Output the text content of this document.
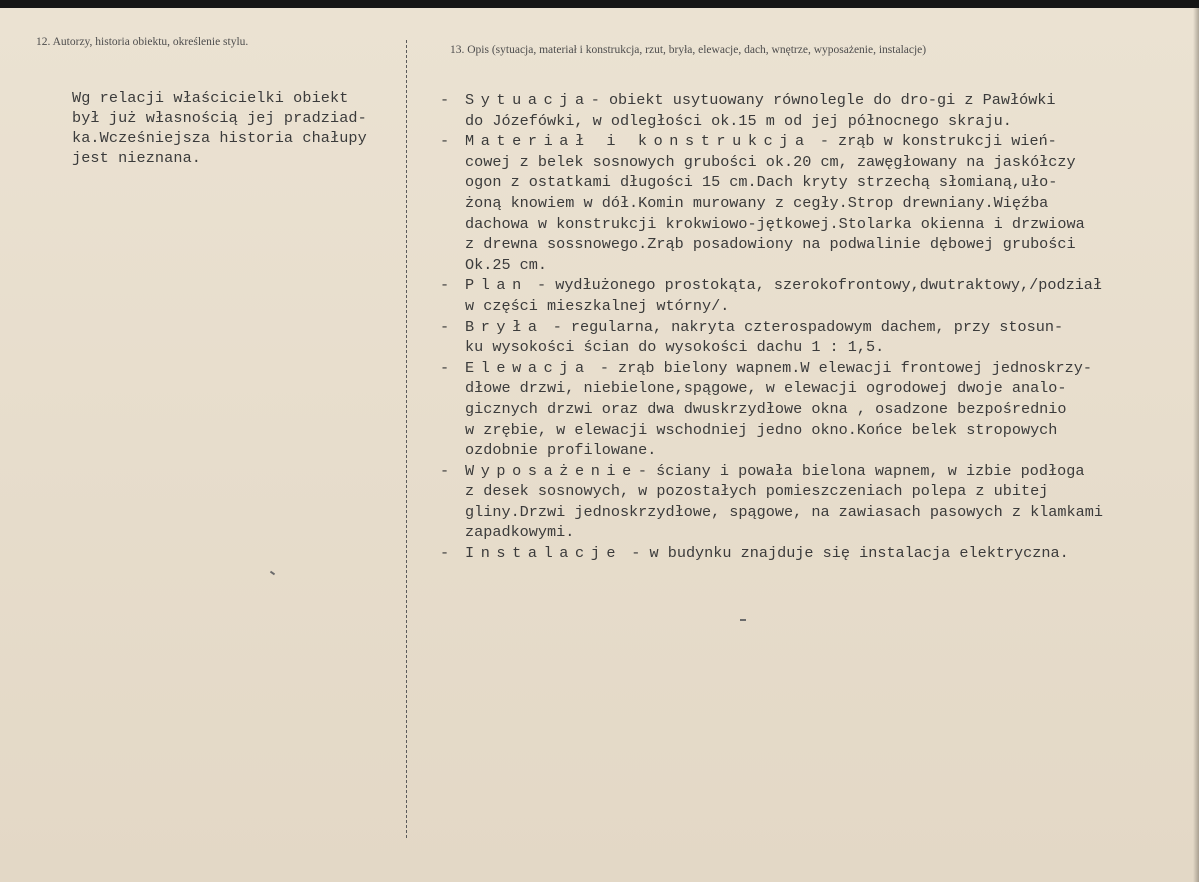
12. Autorzy, historia obiektu, określenie stylu.
13. Opis (sytuacja, materiał i konstrukcja, rzut, bryła, elewacje, dach, wnętrze, wyposażenie, instalacje)
Wg relacji właścicielki obiekt
był już własnością jej pradziad-
ka.Wcześniejsza historia chałupy
jest nieznana.
-	Sytuacja- obiekt usytuowany równolegle do dro-gi z Pawłówki
do Józefówki, w odległości ok.15 m od jej północnego skraju.
-	Materiał i konstrukcja - zrąb w konstrukcji wień-
cowej z belek sosnowych grubości ok.20 cm, zawęgłowany na jaskółczy
ogon z ostatkami długości 15 cm.Dach kryty strzechą słomianą,uło-
żoną knowiem w dół.Komin murowany z cegły.Strop drewniany.Więźba
dachowa w konstrukcji krokwiowo-jętkowej.Stolarka okienna i drzwiowa
z drewna sossnowego.Zrąb posadowiony na podwalinie dębowej grubości
Ok.25 cm.
-	Plan - wydłużonego prostokąta, szerokofrontowy,dwutraktowy,/podział
w części mieszkalnej wtórny/.
-	Bryła - regularna, nakryta czterospadowym dachem, przy stosun-
ku wysokości ścian do wysokości dachu 1 : 1,5.
-	Elewacja - zrąb bielony wapnem.W elewacji frontowej jednoskrzy-
dłowe drzwi, niebielone,spągowe, w elewacji ogrodowej dwoje analo-
gicznych drzwi oraz dwa dwuskrzydłowe okna , osadzone bezpośrednio
w zrębie, w elewacji wschodniej jedno okno.Końce belek stropowych
ozdobnie profilowane.
-	Wyposażenie- ściany i powała bielona wapnem, w izbie podłoga
z desek sosnowych, w pozostałych pomieszczeniach polepa z ubitej
gliny.Drzwi jednoskrzydłowe, spągowe, na zawiasach pasowych z klamkami
zapadkowymi.
-	Instalacje - w budynku znajduje się instalacja elektryczna.
